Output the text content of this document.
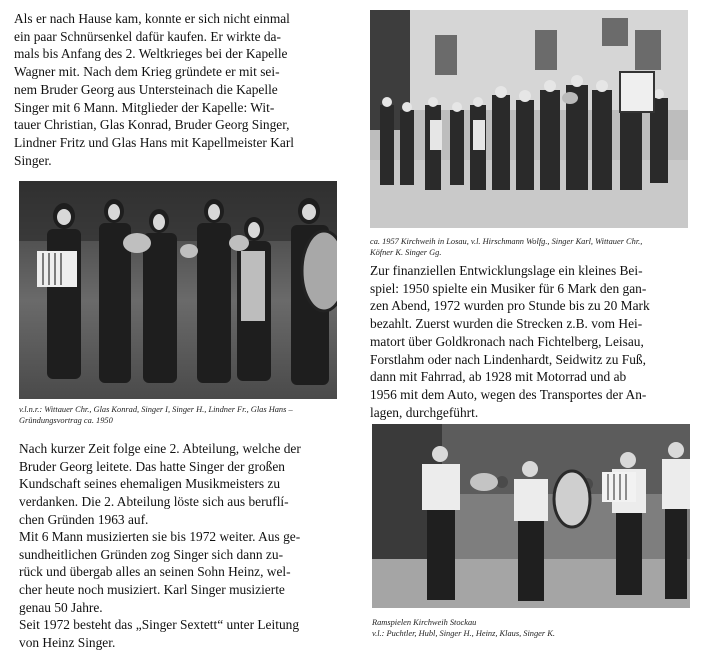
Als er nach Hause kam, konnte er sich nicht einmal
ein paar Schnürsenkel dafür kaufen. Er wirkte da-
mals bis Anfang des 2. Weltkrieges bei der Kapelle
Wagner mit. Nach dem Krieg gründete er mit sei-
nem Bruder Georg aus Untersteinach die Kapelle
Singer mit 6 Mann. Mitglieder der Kapelle: Wit-
tauer Christian, Glas Konrad, Bruder Georg Singer,
Lindner Fritz und Glas Hans mit Kapellmeister Karl
Singer.

v.l.n.r.: Wittauer Chr., Glas Konrad, Singer I, Singer H., Lindner Fr., Glas Hans –
Gründungsvortrag ca. 1950

Nach kurzer Zeit folge eine 2. Abteilung, welche der
Bruder Georg leitete. Das hatte Singer der großen
Kundschaft seines ehemaligen Musikmeisters zu
verdanken. Die 2. Abteilung löste sich aus beruflí-
chen Gründen 1963 auf.

Mit 6 Mann musizierten sie bis 1972 weiter. Aus ge-
sundheitlichen Gründen zog Singer sich dann zu-
rück und übergab alles an seinen Sohn Heinz, wel-
cher heute noch musiziert. Karl Singer musizierte
genau 50 Jahre.

Seit 1972 besteht das „Singer Sextett“ unter Leitung
von Heinz Singer.

ca. 1957 Kirchweih in Losau, v.l. Hirschmann Wolfg., Singer Karl, Wittauer Chr.,
Köfner K. Singer Gg.

Zur finanziellen Entwicklungslage ein kleines Bei-
spiel: 1950 spielte ein Musiker für 6 Mark den gan-
zen Abend, 1972 wurden pro Stunde bis zu 20 Mark
bezahlt. Zuerst wurden die Strecken z.B. vom Hei-
matort über Goldkronach nach Fichtelberg, Leisau,
Forstlahm oder nach Lindenhardt, Seidwitz zu Fuß,
dann mit Fahrrad, ab 1928 mit Motorrad und ab
1956 mit dem Auto, wegen des Transportes der An-
lagen, durchgeführt.

Ramspielen Kirchweih Stockau
v.l.: Puchtler, Hubl, Singer H., Heinz, Klaus, Singer K.
